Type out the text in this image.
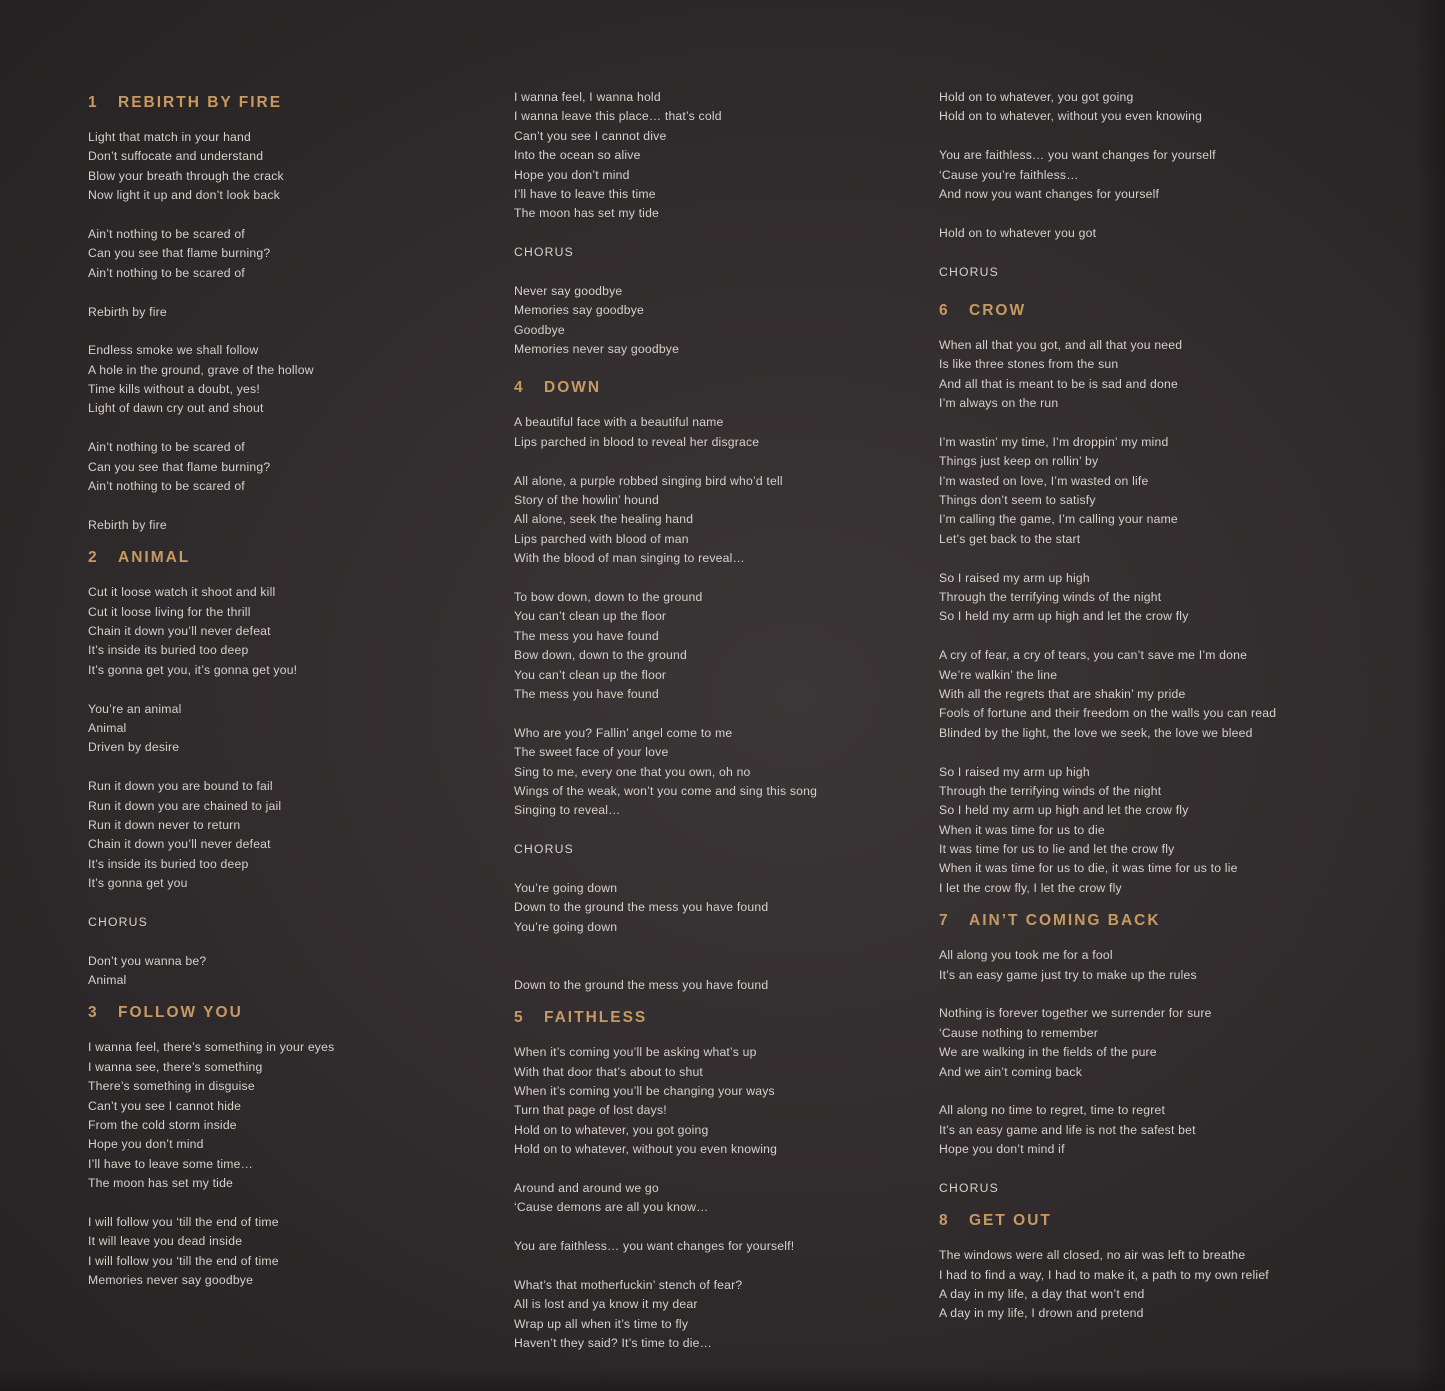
1 REBIRTH BY FIRE
Light that match in your hand
Don’t suffocate and understand
Blow your breath through the crack
Now light it up and don’t look back
Ain’t nothing to be scared of
Can you see that flame burning?
Ain’t nothing to be scared of
Rebirth by fire
Endless smoke we shall follow
A hole in the ground, grave of the hollow
Time kills without a doubt, yes!
Light of dawn cry out and shout
Ain’t nothing to be scared of
Can you see that flame burning?
Ain’t nothing to be scared of
Rebirth by fire
2 ANIMAL
Cut it loose watch it shoot and kill
Cut it loose living for the thrill
Chain it down you’ll never defeat
It’s inside its buried too deep
It’s gonna get you, it’s gonna get you!
You’re an animal
Animal
Driven by desire
Run it down you are bound to fail
Run it down you are chained to jail
Run it down never to return
Chain it down you’ll never defeat
It’s inside its buried too deep
It’s gonna get you
CHORUS
Don’t you wanna be?
Animal
3 FOLLOW YOU
I wanna feel, there’s something in your eyes
I wanna see, there’s something
There’s something in disguise
Can’t you see I cannot hide
From the cold storm inside
Hope you don’t mind
I’ll have to leave some time…
The moon has set my tide
I will follow you ‘till the end of time
It will leave you dead inside
I will follow you ‘till the end of time
Memories never say goodbye
I wanna feel, I wanna hold
I wanna leave this place… that’s cold
Can’t you see I cannot dive
Into the ocean so alive
Hope you don’t mind
I’ll have to leave this time
The moon has set my tide
CHORUS
Never say goodbye
Memories say goodbye
Goodbye
Memories never say goodbye
4 DOWN
A beautiful face with a beautiful name
Lips parched in blood to reveal her disgrace
All alone, a purple robbed singing bird who’d tell
Story of the howlin’ hound
All alone, seek the healing hand
Lips parched with blood of man
With the blood of man singing to reveal…
To bow down, down to the ground
You can’t clean up the floor
The mess you have found
Bow down, down to the ground
You can’t clean up the floor
The mess you have found
Who are you? Fallin’ angel come to me
The sweet face of your love
Sing to me, every one that you own, oh no
Wings of the weak, won’t you come and sing this song
Singing to reveal…
CHORUS
You’re going down
Down to the ground the mess you have found
You’re going down
Down to the ground the mess you have found
5 FAITHLESS
When it’s coming you’ll be asking what’s up
With that door that’s about to shut
When it’s coming you’ll be changing your ways
Turn that page of lost days!
Hold on to whatever, you got going
Hold on to whatever, without you even knowing
Around and around we go
‘Cause demons are all you know…
You are faithless… you want changes for yourself!
What’s that motherfuckin’ stench of fear?
All is lost and ya know it my dear
Wrap up all when it’s time to fly
Haven’t they said? It’s time to die…
Hold on to whatever, you got going
Hold on to whatever, without you even knowing
You are faithless… you want changes for yourself
‘Cause you’re faithless…
And now you want changes for yourself
Hold on to whatever you got
CHORUS
6 CROW
When all that you got, and all that you need
Is like three stones from the sun
And all that is meant to be is sad and done
I’m always on the run
I’m wastin’ my time, I’m droppin’ my mind
Things just keep on rollin’ by
I’m wasted on love, I’m wasted on life
Things don’t seem to satisfy
I’m calling the game, I’m calling your name
Let’s get back to the start
So I raised my arm up high
Through the terrifying winds of the night
So I held my arm up high and let the crow fly
A cry of fear, a cry of tears, you can’t save me I’m done
We’re walkin’ the line
With all the regrets that are shakin’ my pride
Fools of fortune and their freedom on the walls you can read
Blinded by the light, the love we seek, the love we bleed
So I raised my arm up high
Through the terrifying winds of the night
So I held my arm up high and let the crow fly
When it was time for us to die
It was time for us to lie and let the crow fly
When it was time for us to die, it was time for us to lie
I let the crow fly, I let the crow fly
7 AIN’T COMING BACK
All along you took me for a fool
It’s an easy game just try to make up the rules
Nothing is forever together we surrender for sure
‘Cause nothing to remember
We are walking in the fields of the pure
And we ain’t coming back
All along no time to regret, time to regret
It’s an easy game and life is not the safest bet
Hope you don’t mind if
CHORUS
8 GET OUT
The windows were all closed, no air was left to breathe
I had to find a way, I had to make it, a path to my own relief
A day in my life, a day that won’t end
A day in my life, I drown and pretend
